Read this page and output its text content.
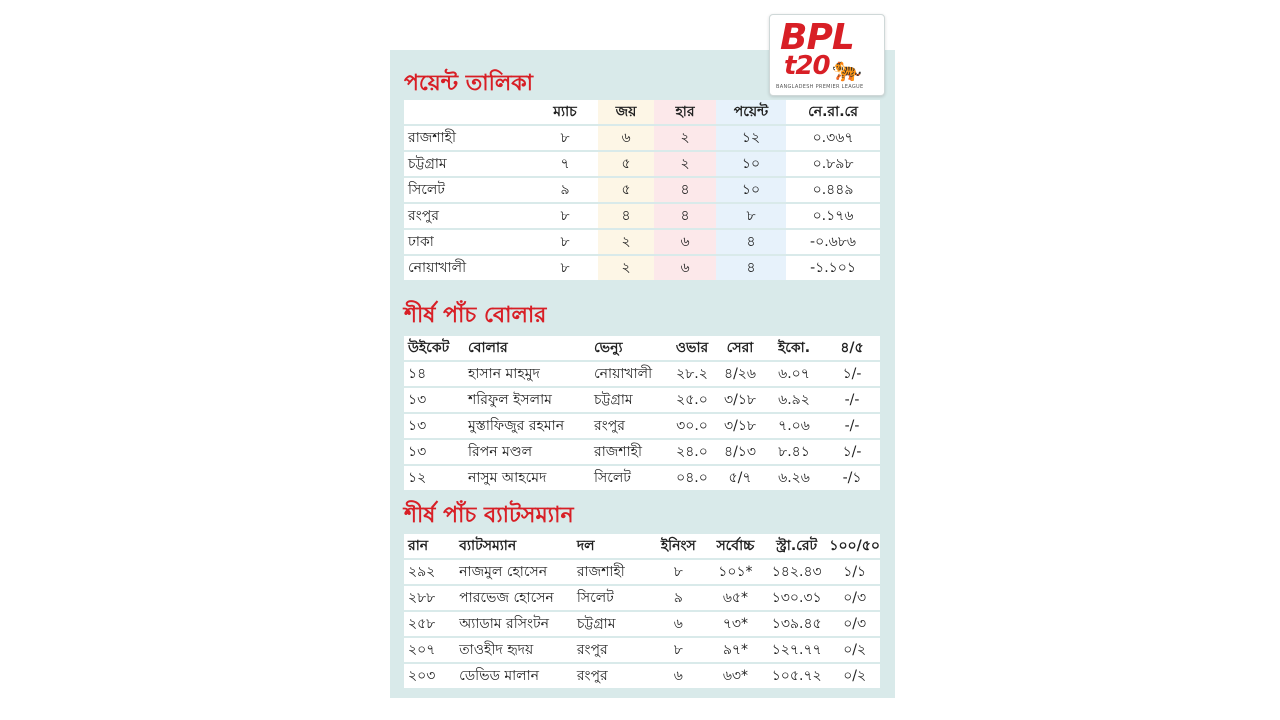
BPL
t20 🐅
BANGLADESH PREMIER LEAGUE
পয়েন্ট তালিকা
	ম্যাচ	জয়	হার	পয়েন্ট	নে.রা.রে
রাজশাহী	৮	৬	২	১২	০.৩৬৭
চট্টগ্রাম	৭	৫	২	১০	০.৮৯৮
সিলেট	৯	৫	৪	১০	০.৪৪৯
রংপুর	৮	৪	৪	৮	০.১৭৬
ঢাকা	৮	২	৬	৪	-০.৬৮৬
নোয়াখালী	৮	২	৬	৪	-১.১০১
শীর্ষ পাঁচ বোলার
উইকেট	বোলার	ভেন্যু	ওভার	সেরা	ইকো.	৪/৫
১৪	হাসান মাহমুদ	নোয়াখালী	২৮.২	৪/২৬	৬.০৭	১/-
১৩	শরিফুল ইসলাম	চট্টগ্রাম	২৫.০	৩/১৮	৬.৯২	-/-
১৩	মুস্তাফিজুর রহমান	রংপুর	৩০.০	৩/১৮	৭.০৬	-/-
১৩	রিপন মণ্ডল	রাজশাহী	২৪.০	৪/১৩	৮.৪১	১/-
১২	নাসুম আহমেদ	সিলেট	০৪.০	৫/৭	৬.২৬	-/১
শীর্ষ পাঁচ ব্যাটসম্যান
রান	ব্যাটসম্যান	দল	ইনিংস	সর্বোচ্চ	স্ট্রা.রেট	১০০/৫০
২৯২	নাজমুল হোসেন	রাজশাহী	৮	১০১*	১৪২.৪৩	১/১
২৮৮	পারভেজ হোসেন	সিলেট	৯	৬৫*	১৩০.৩১	০/৩
২৫৮	অ্যাডাম রসিংটন	চট্টগ্রাম	৬	৭৩*	১৩৯.৪৫	০/৩
২০৭	তাওহীদ হৃদয়	রংপুর	৮	৯৭*	১২৭.৭৭	০/২
২০৩	ডেভিড মালান	রংপুর	৬	৬৩*	১০৫.৭২	০/২
